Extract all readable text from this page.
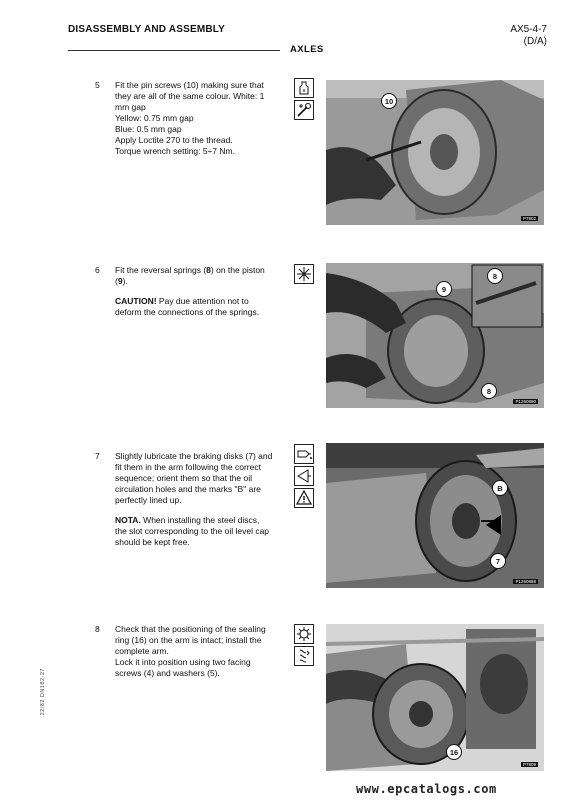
DISASSEMBLY AND ASSEMBLY	AX5-4-7
(D/A)
AXLES
22/82 DN182-27
5 Fit the pin screws (10) making sure that
they are all of the same colour. White: 1
mm gap
Yellow: 0.75 mm gap
Blue: 0.5 mm gap
Apply Loctite 270 to the thread.
Torque wrench setting: 5÷7 Nm.
10
P7802
6 Fit the reversal springs (8) on the piston
(9).

CAUTION! Pay due attention not to
deform the connections of the springs.

9
8
8
P1260880
7 Slightly lubricate the braking disks (7) and
fit them in the arm following the correct
sequence; orient them so that the oil
circulation holes and the marks "B" are
perfectly lined up.

NOTA. When installing the steel discs,
the slot corresponding to the oil level cap
should be kept free.

B
7
P1260888
8 Check that the positioning of the sealing
ring (16) on the arm is intact; install the
complete arm.
Lock it into position using two facing
screws (4) and washers (5).
16
P7809
www.epcatalogs.com
